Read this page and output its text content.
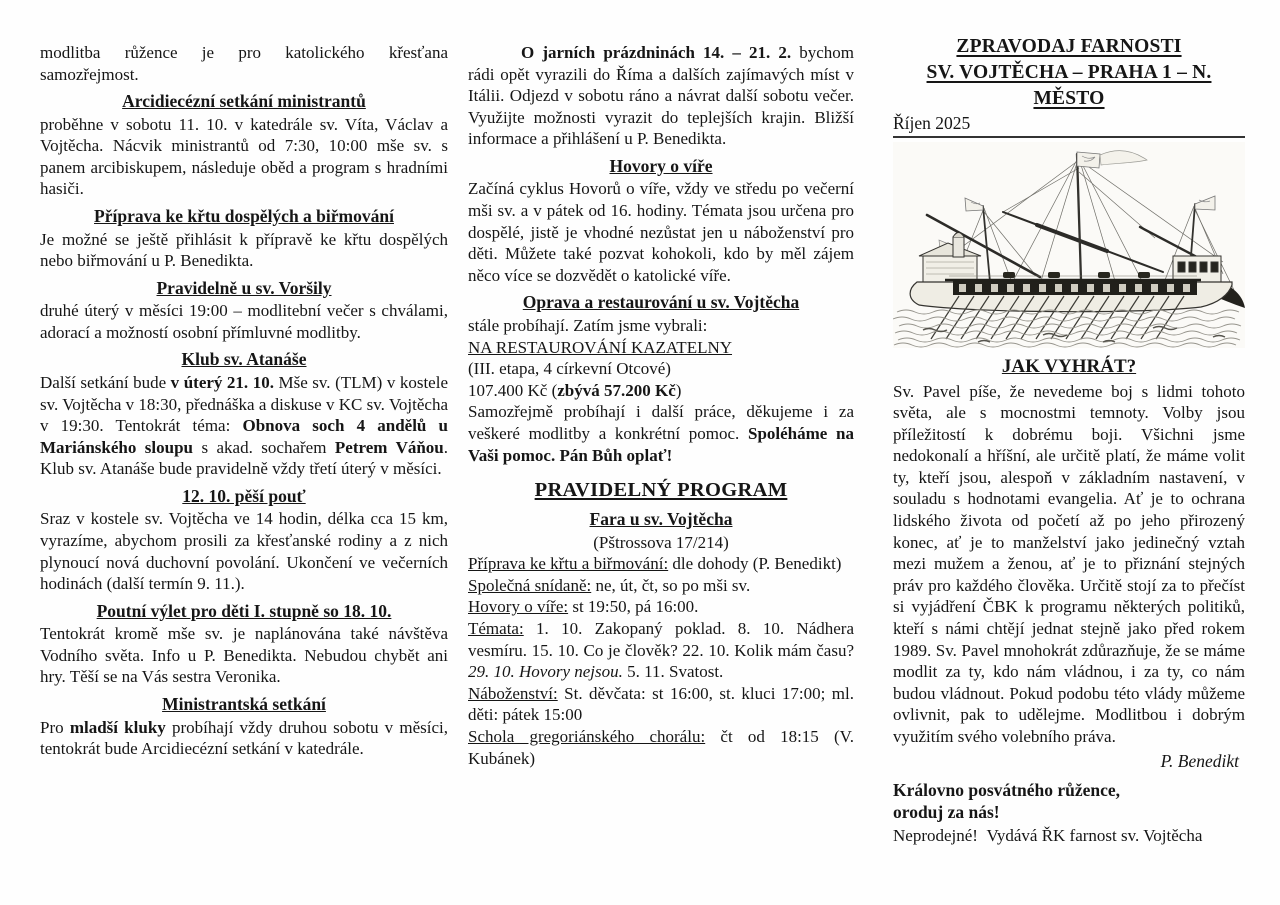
modlitba růžence je pro katolického křesťana samozřejmost.

Arcidiecézní setkání ministrantů

proběhne v sobotu 11. 10. v katedrále sv. Víta, Václav a Vojtěcha. Nácvik ministrantů od 7:30, 10:00 mše sv. s panem arcibiskupem, následuje oběd a program s hradními hasiči.

Příprava ke křtu dospělých a biřmování

Je možné se ještě přihlásit k přípravě ke křtu dospělých nebo biřmování u P. Benedikta.

Pravidelně u sv. Voršily

druhé úterý v měsíci 19:00 – modlitební večer s chválami, adorací a možností osobní přímluvné modlitby.

Klub sv. Atanáše

Další setkání bude v úterý 21. 10. Mše sv. (TLM) v kostele sv. Vojtěcha v 18:30, přednáška a diskuse v KC sv. Vojtěcha v 19:30. Tentokrát téma: Obnova soch 4 andělů u Mariánského sloupu s akad. sochařem Petrem Váňou. Klub sv. Atanáše bude pravidelně vždy třetí úterý v měsíci.

12. 10. pěší pouť

Sraz v kostele sv. Vojtěcha ve 14 hodin, délka cca 15 km, vyrazíme, abychom prosili za křesťanské rodiny a z nich plynoucí nová duchovní povolání. Ukončení ve večerních hodinách (další termín 9. 11.).

Poutní výlet pro děti I. stupně so 18. 10.

Tentokrát kromě mše sv. je naplánována také návštěva Vodního světa. Info u P. Benedikta. Nebudou chybět ani hry. Těší se na Vás sestra Veronika.

Ministrantská setkání

Pro mladší kluky probíhají vždy druhou sobotu v měsíci, tentokrát bude Arcidiecézní setkání v katedrále.

O jarních prázdninách 14. – 21. 2. bychom rádi opět vyrazili do Říma a dalších zajímavých míst v Itálii. Odjezd v sobotu ráno a návrat další sobotu večer. Využijte možnosti vyrazit do teplejších krajin. Bližší informace a přihlášení u P. Benedikta.

Hovory o víře

Začíná cyklus Hovorů o víře, vždy ve středu po večerní mši sv. a v pátek od 16. hodiny. Témata jsou určena pro dospělé, jistě je vhodné nezůstat jen u náboženství pro děti. Můžete také pozvat kohokoli, kdo by měl zájem něco více se dozvědět o katolické víře.

Oprava a restaurování u sv. Vojtěcha

stále probíhají. Zatím jsme vybrali:

NA RESTAUROVÁNÍ KAZATELNY

(III. etapa, 4 církevní Otcové)

107.400 Kč (zbývá 57.200 Kč)

Samozřejmě probíhají i další práce, děkujeme i za veškeré modlitby a konkrétní pomoc. Spoléháme na Vaši pomoc. Pán Bůh oplať!

PRAVIDELNÝ PROGRAM
Fara u sv. Vojtěcha

(Pštrossova 17/214)

Příprava ke křtu a biřmování: dle dohody (P. Benedikt)

Společná snídaně: ne, út, čt, so po mši sv.

Hovory o víře: st 19:50, pá 16:00.

Témata: 1. 10. Zakopaný poklad. 8. 10. Nádhera vesmíru. 15. 10. Co je člověk? 22. 10. Kolik mám času? 29. 10. Hovory nejsou. 5. 11. Svatost.

Náboženství: St. děvčata: st 16:00, st. kluci 17:00; ml. děti: pátek 15:00

Schola gregoriánského chorálu: čt od 18:15 (V. Kubánek)

ZPRAVODAJ FARNOSTI
SV. VOJTĚCHA – PRAHA 1 – N. MĚSTO
Říjen 2025
JAK VYHRÁT?

Sv. Pavel píše, že nevedeme boj s lidmi tohoto světa, ale s mocnostmi temnoty. Volby jsou příležitostí k dobrému boji. Všichni jsme nedokonalí a hříšní, ale určitě platí, že máme volit ty, kteří jsou, alespoň v základním nastavení, v souladu s hodnotami evangelia. Ať je to ochrana lidského života od početí až po jeho přirozený konec, ať je to manželství jako jedinečný vztah mezi mužem a ženou, ať je to přiznání stejných práv pro každého člověka. Určitě stojí za to přečíst si vyjádření ČBK k programu některých politiků, kteří s námi chtějí jednat stejně jako před rokem 1989. Sv. Pavel mnohokrát zdůrazňuje, že se máme modlit za ty, kdo nám vládnou, i za ty, co nám budou vládnout. Pokud podobu této vlády můžeme ovlivnit, pak to udělejme. Modlitbou i dobrým využitím svého volebního práva.

P. Benedikt

Královno posvátného růžence,
oroduj za nás!

Neprodejné!  Vydává ŘK farnost sv. Vojtěcha
